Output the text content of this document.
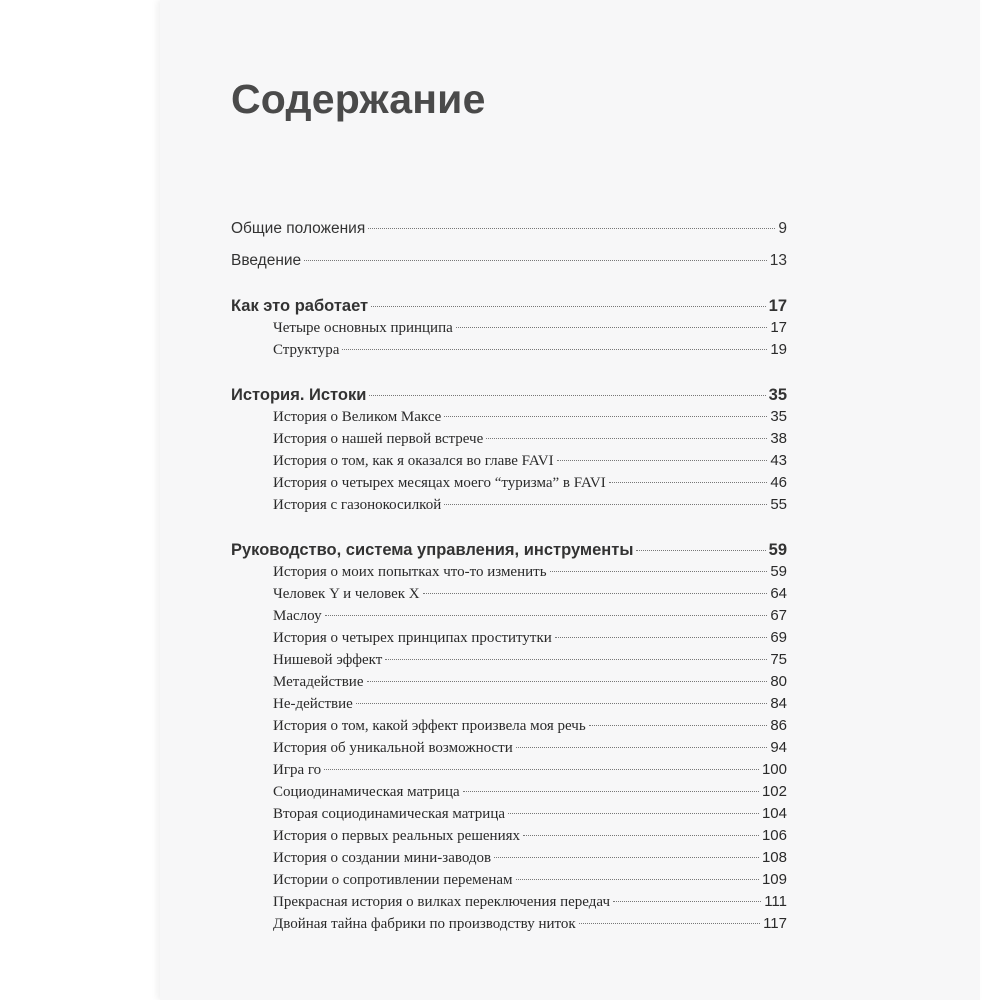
Содержание
Общие положения	9
Введение	13
Как это работает	17
Четыре основных принципа	17
Структура	19
История. Истоки	35
История о Великом Максе	35
История о нашей первой встрече	38
История о том, как я оказался во главе FAVI	43
История о четырех месяцах моего “туризма” в FAVI	46
История с газонокосилкой	55
Руководство, система управления, инструменты	59
История о моих попытках что-то изменить	59
Человек Y и человек X	64
Маслоу	67
История о четырех принципах проститутки	69
Нишевой эффект	75
Метадействие	80
Не-действие	84
История о том, какой эффект произвела моя речь	86
История об уникальной возможности	94
Игра го	100
Социодинамическая матрица	102
Вторая социодинамическая матрица	104
История о первых реальных решениях	106
История о создании мини-заводов	108
Истории о сопротивлении переменам	109
Прекрасная история о вилках переключения передач	111
Двойная тайна фабрики по производству ниток	117
